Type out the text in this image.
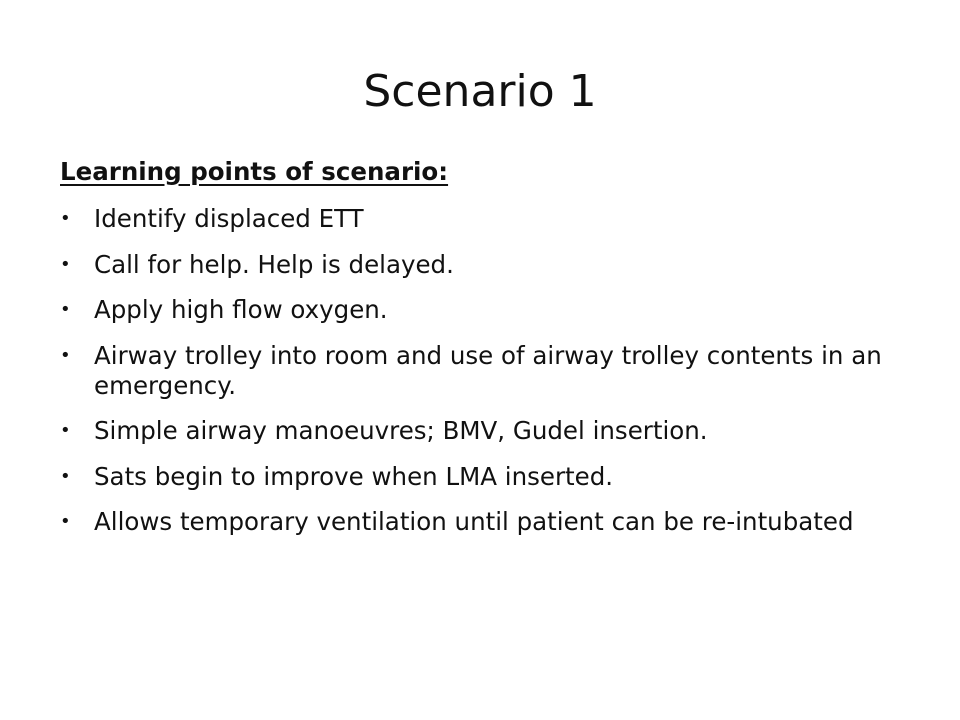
Scenario 1
Learning points of scenario:
• Identify displaced ETT
• Call for help. Help is delayed.
• Apply high flow oxygen.
• Airway trolley into room and use of airway trolley contents in an emergency.
• Simple airway manoeuvres; BMV, Gudel insertion.
• Sats begin to improve when LMA inserted.
• Allows temporary ventilation until patient can be re-intubated
